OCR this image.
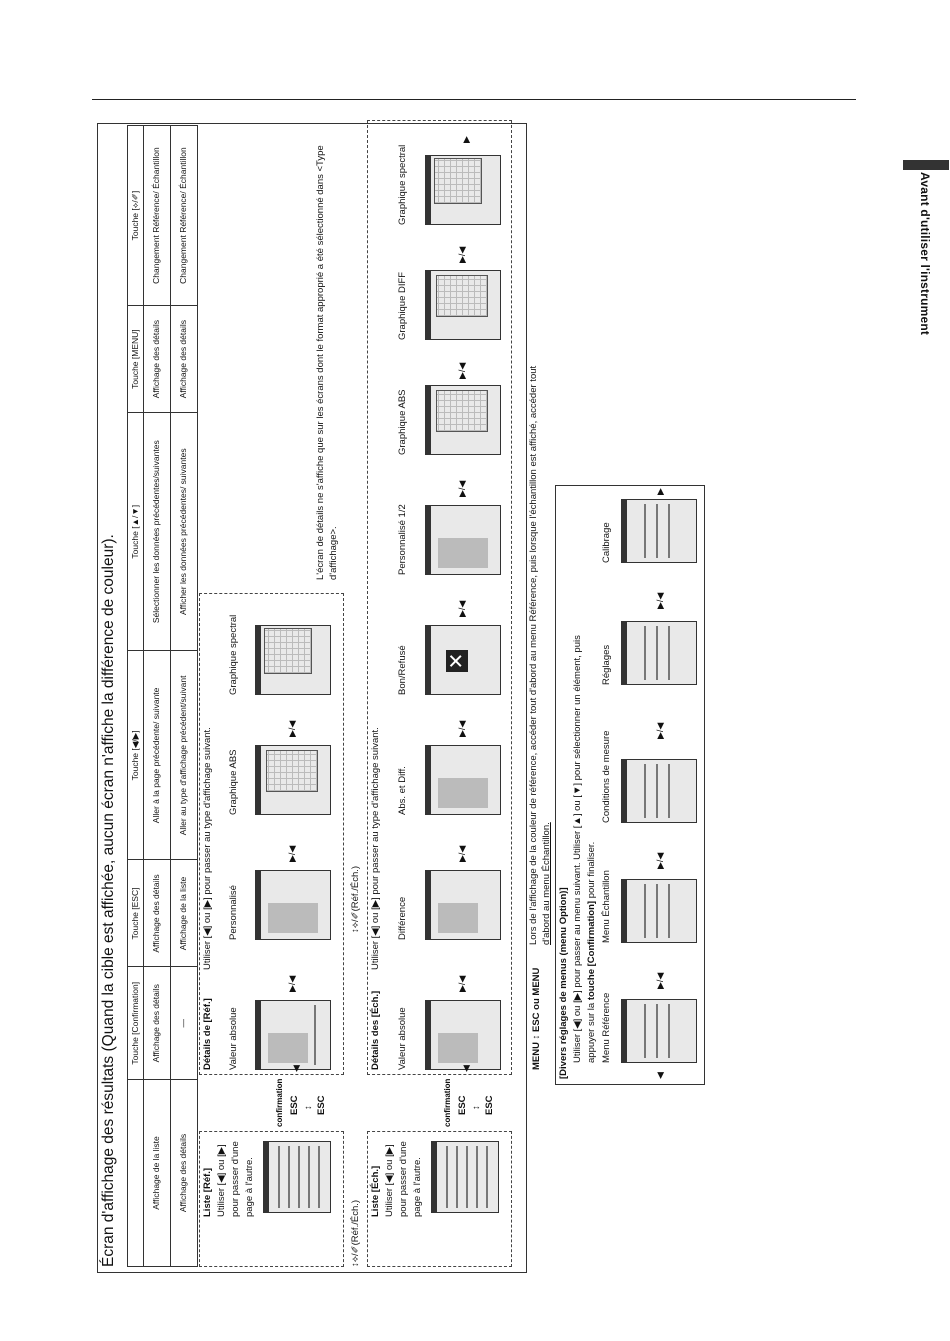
Avant d'utiliser l'instrument
Écran d'affichage des résultats (Quand la cible est affichée, aucun écran n'affiche la différence de couleur).
	Touche [Confirmation]	Touche [ESC]	Touche [◀/▶]	Touche [▲/▼]	Touche [MENU]	Touche [⟡/✐]
Affichage de la liste	Affichage des détails	Affichage des détails	Aller à la page précédente/ suivante	Sélectionner les données précédentes/suivantes	Affichage des détails	Changement Référence/ Échantillon
Affichage des détails	—	Affichage de la liste	Aller au type d'affichage précédent/suivant	Afficher les données précédentes/ suivantes	Affichage des détails	Changement Référence/ Échantillon
Liste [Réf.] Utiliser [◀] ou [▶] pour passer d'une page à l'autre.
↕⟡/✐(Réf./Éch.)
Liste [Éch.] Utiliser [◀] ou [▶] pour passer d'une page à l'autre.
confirmation ESC ↕ ESC	confirmation ESC ↕ ESC
Détails de [Réf.]
Utiliser [◀] ou [▶] pour passer au type d'affichage suivant.
Valeur absolue
Personnalisé
Graphique ABS
Graphique spectral
▶/◀
▶/◀
▶/◀
◀
↕⟡/✐(Réf./Éch.)
Détails des [Éch.]
Utiliser [◀] ou [▶] pour passer au type d'affichage suivant.
Valeur absolue
Différence
Abs. et Diff.
Bon/Refusé
Personnalisé 1/2
Graphique ABS
Graphique DIFF
Graphique spectral
✕
▶/◀
▶/◀
▶/◀
▶/◀
▶/◀
▶/◀
▶/◀
◀
▶
L'écran de détails ne s'affiche que sur les écrans dont le format approprié a été sélectionné dans <Type d'affichage>.
MENU ↕ ESC ou MENU
Lors de l'affichage de la couleur de référence, accéder tout d'abord au menu Référence, puis lorsque l'échantillon est affiché, accéder tout d'abord au menu Échantillon.
[Divers réglages de menus (menu Option)] Utiliser [◀] ou [▶] pour passer au menu suivant. Utiliser [▲] ou [▼] pour sélectionner un élément, puis appuyer sur la touche [Confirmation] pour finaliser.
Menu Référence
Menu Échantillon
Conditions de mesure
Réglages
Calibrage
◀
▶/◀
▶/◀
▶/◀
▶/◀
▶
